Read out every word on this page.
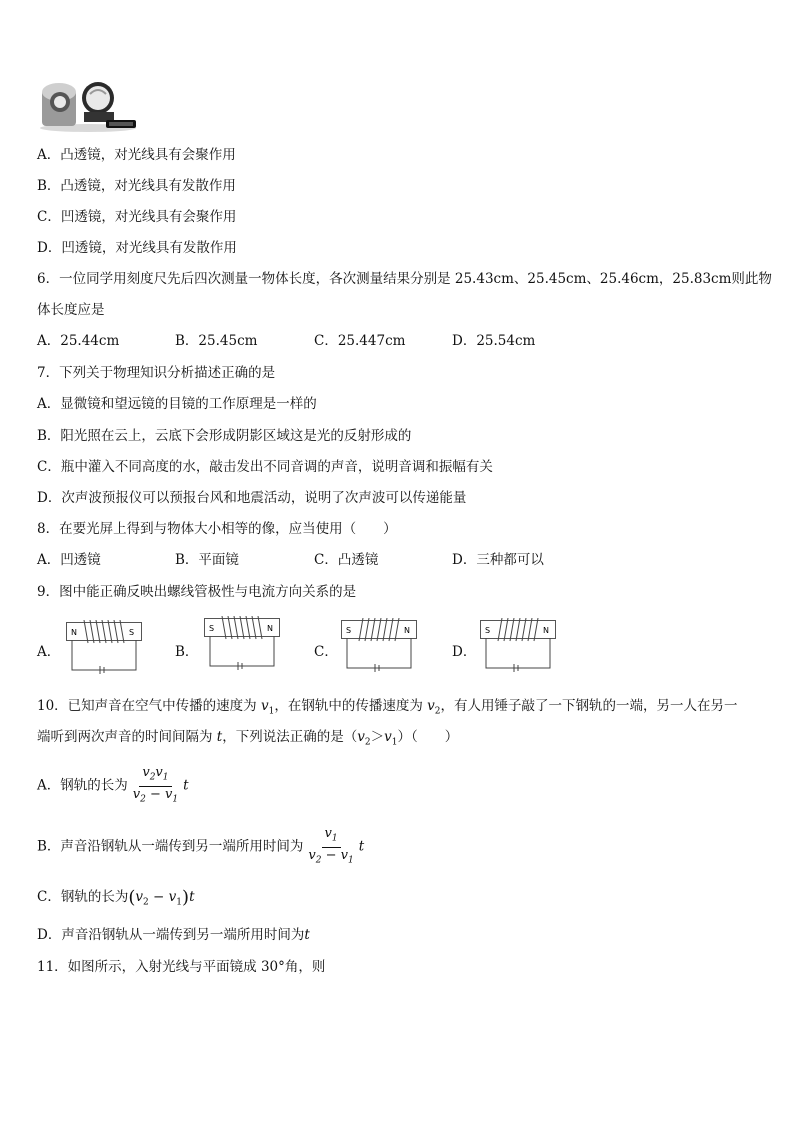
A．凸透镜，对光线具有会聚作用
B．凸透镜，对光线具有发散作用
C．凹透镜，对光线具有会聚作用
D．凹透镜，对光线具有发散作用
6．一位同学用刻度尺先后四次测量一物体长度，各次测量结果分别是 25.43cm、25.45cm、25.46cm，25.83cm则此物
体长度应是
A．25.44cm	B．25.45cm	C．25.447cm	D．25.54cm
7．下列关于物理知识分析描述正确的是
A．显微镜和望远镜的目镜的工作原理是一样的
B．阳光照在云上，云底下会形成阴影区域这是光的反射形成的
C．瓶中灌入不同高度的水，敲击发出不同音调的声音，说明音调和振幅有关
D．次声波预报仪可以预报台风和地震活动，说明了次声波可以传递能量
8．在要光屏上得到与物体大小相等的像，应当使用（　　）
A．凹透镜	B．平面镜	C．凸透镜	D．三种都可以
9．图中能正确反映出螺线管极性与电流方向关系的是
A．	B．	C．	D．
N	S	S	N	S	N	S	N
10．已知声音在空气中传播的速度为 $v_1$，在钢轨中的传播速度为 $v_2$，有人用锤子敲了一下钢轨的一端，另一人在另一
端听到两次声音的时间间隔为 t，下列说法正确的是$(v_2>v_1)$（　　）
A．钢轨的长为 $\frac{v_2v_1}{v_2 - v_1}$ t
B．声音沿钢轨从一端传到另一端所用时间为 $\frac{v_1}{v_2 - v_1}$ t
C．钢轨的长为$(v_2 - v_1)t$
D．声音沿钢轨从一端传到另一端所用时间为t
11．如图所示，入射光线与平面镜成 30°角，则
